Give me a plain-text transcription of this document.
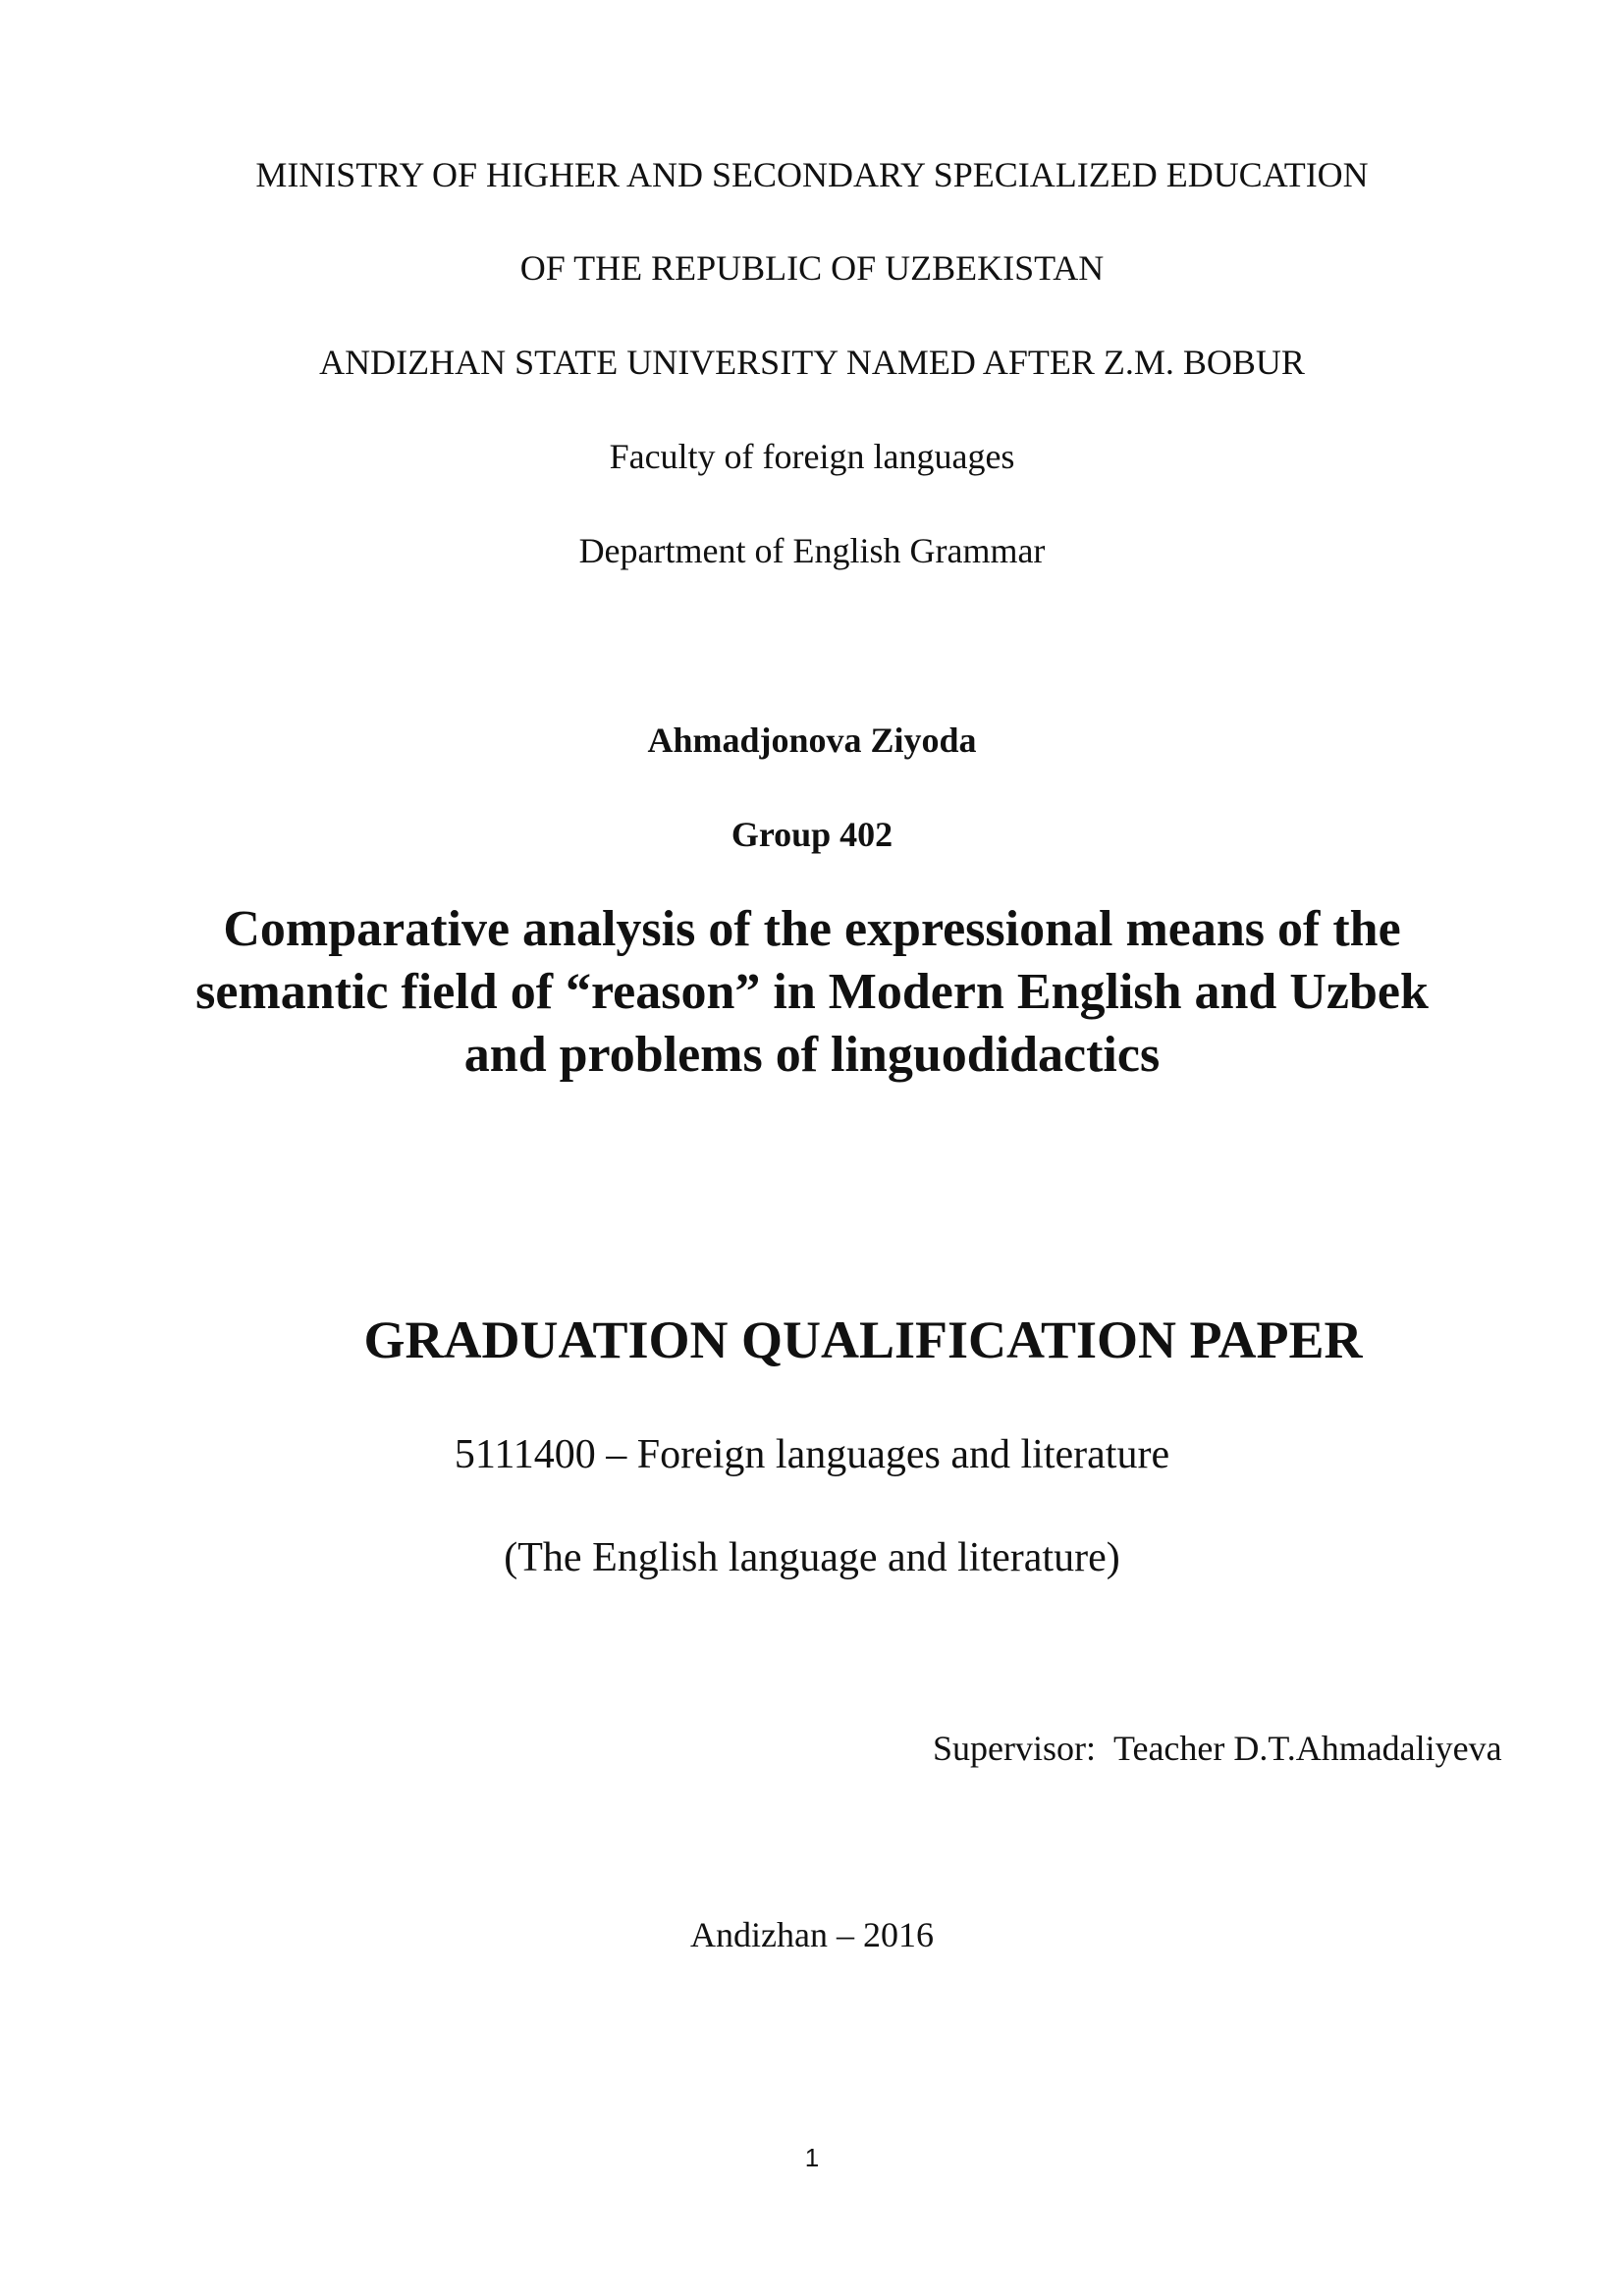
MINISTRY OF HIGHER AND SECONDARY SPECIALIZED EDUCATION
OF THE REPUBLIC OF UZBEKISTAN
ANDIZHAN STATE UNIVERSITY NAMED AFTER Z.M. BOBUR
Faculty of foreign languages
Department of English Grammar
Ahmadjonova Ziyoda
Group 402
Comparative analysis of the expressional means of the semantic field of “reason” in Modern English and Uzbek and problems of linguodidactics
GRADUATION QUALIFICATION PAPER
5111400 – Foreign languages and literature
(The English language and literature)
Supervisor: Teacher D.T.Ahmadaliyeva
Andizhan – 2016
1
